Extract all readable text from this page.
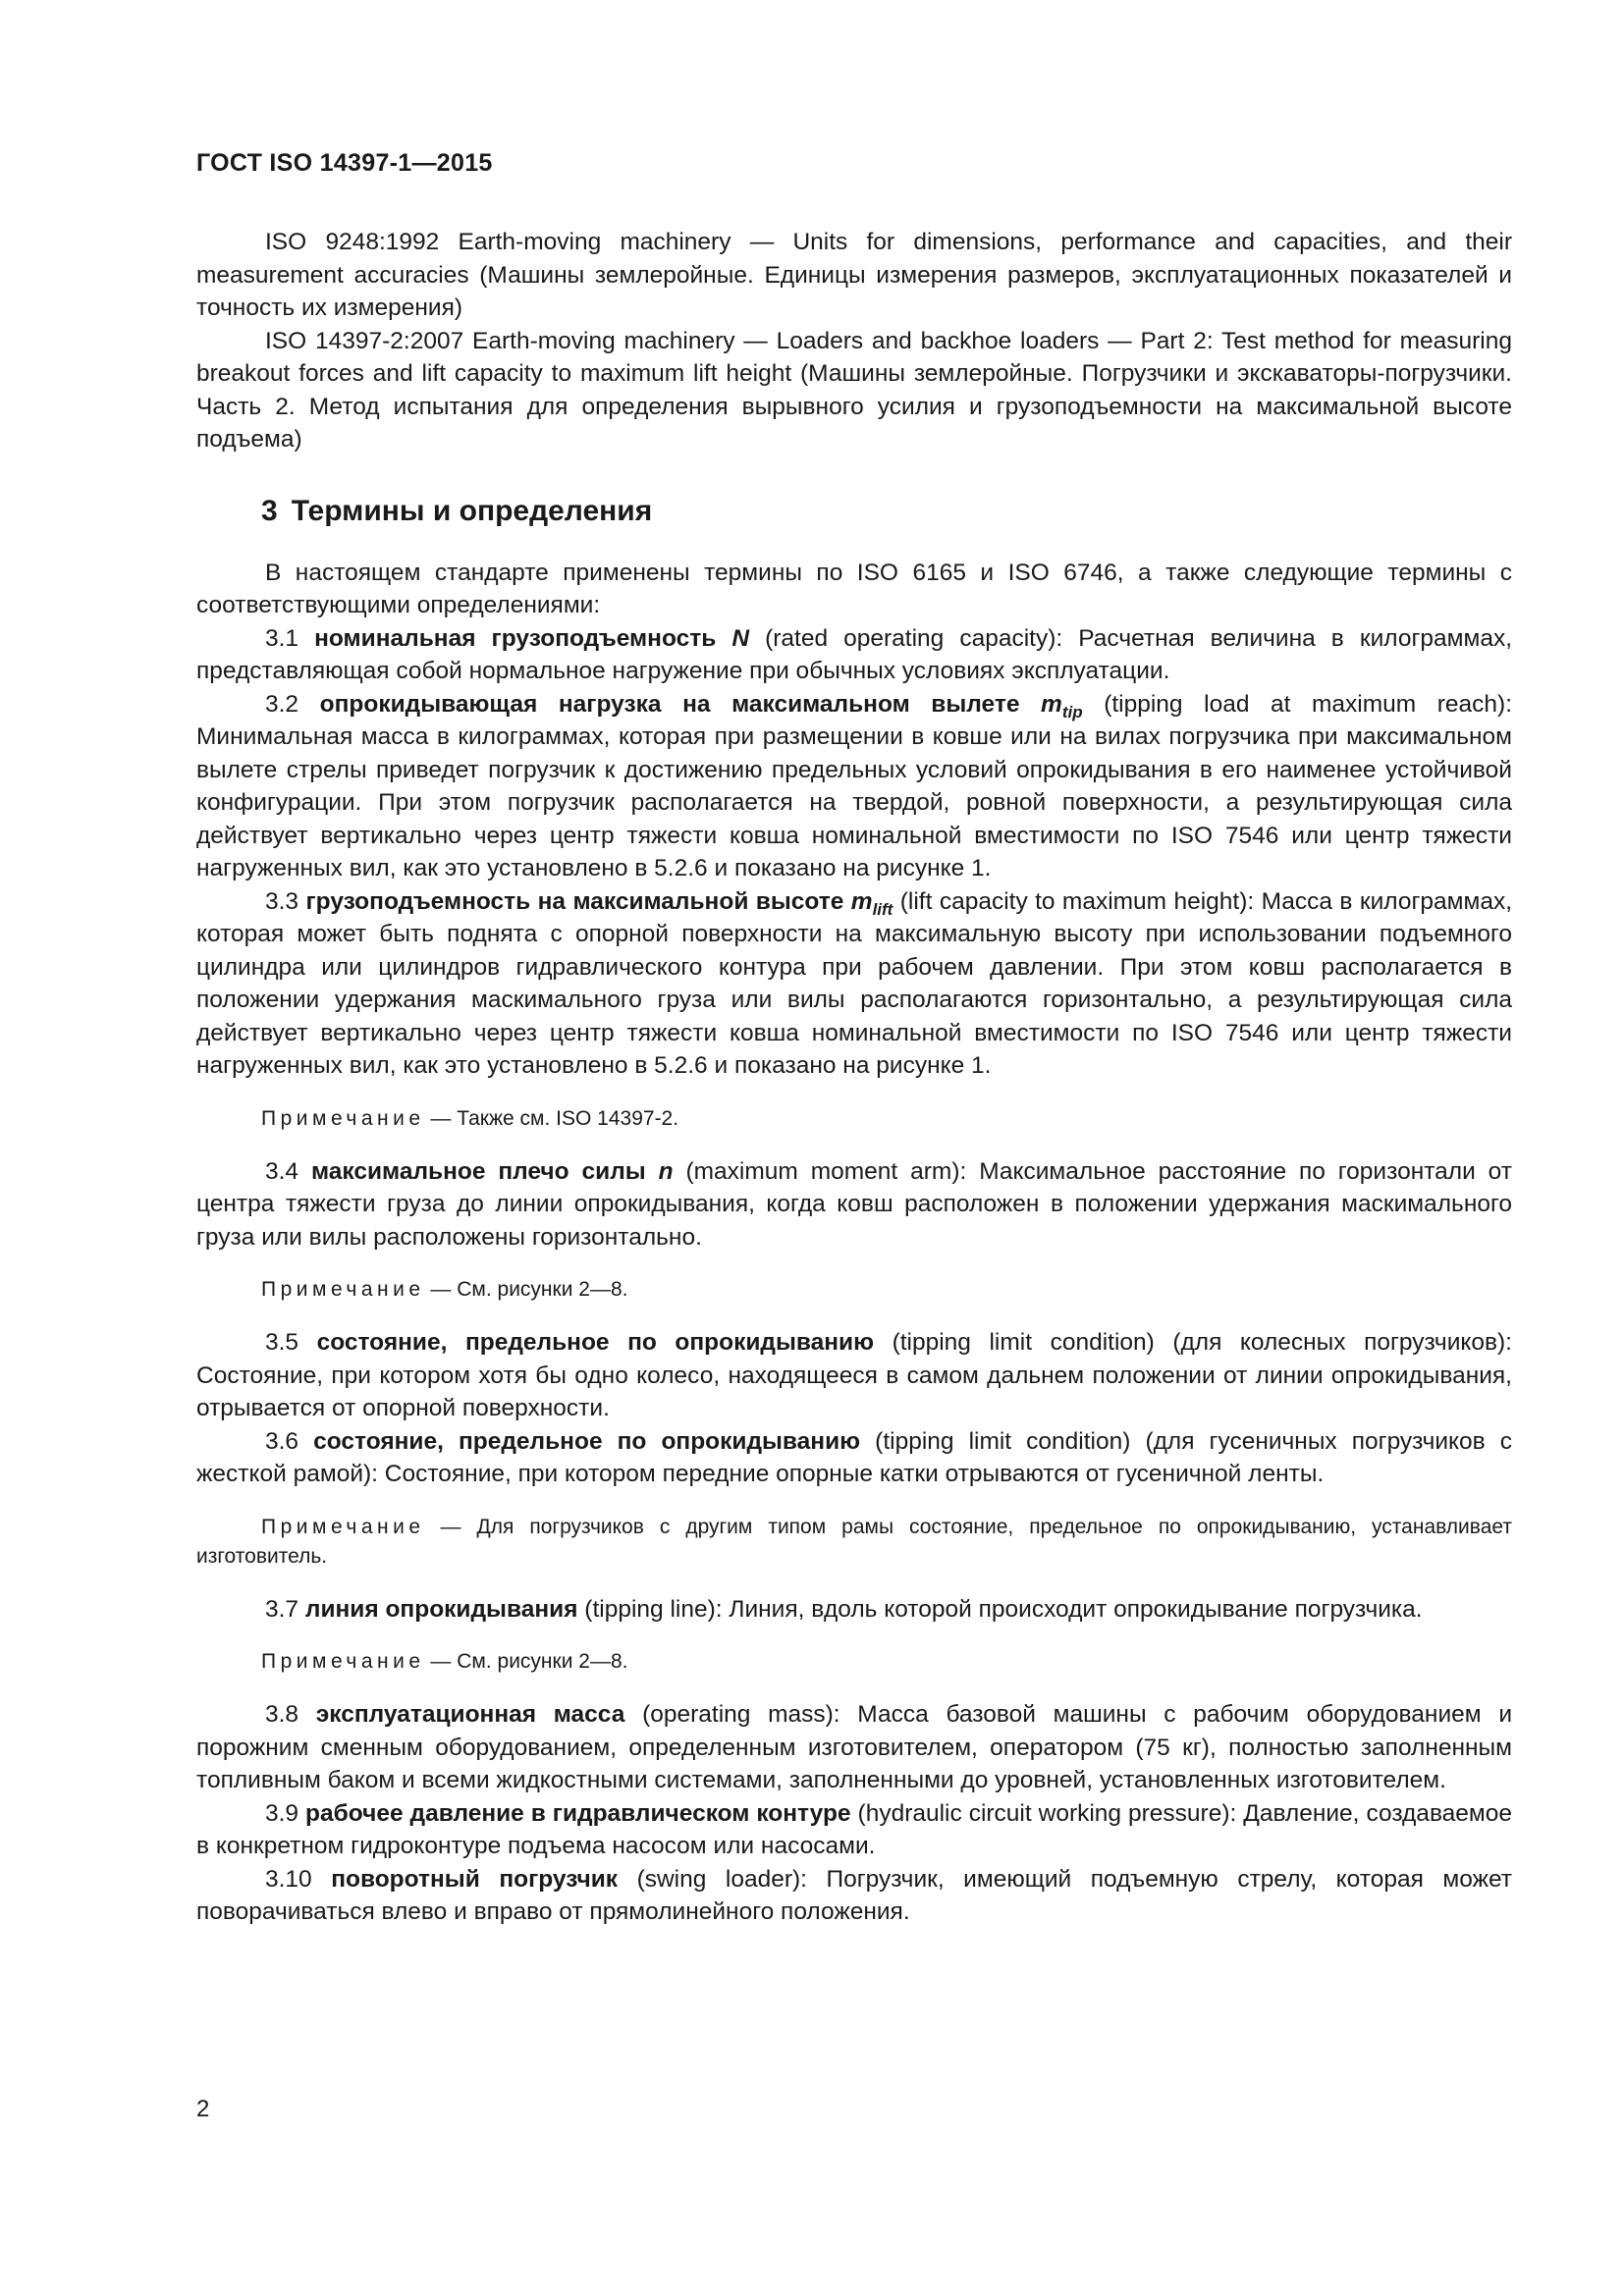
ГОСТ ISO 14397-1—2015

ISO 9248:1992 Earth-moving machinery — Units for dimensions, performance and capacities, and their measurement accuracies (Машины землеройные. Единицы измерения размеров, эксплуатационных показателей и точность их измерения)

ISO 14397-2:2007 Earth-moving machinery — Loaders and backhoe loaders — Part 2: Test method for measuring breakout forces and lift capacity to maximum lift height (Машины землеройные. Погрузчики и экскаваторы-погрузчики. Часть 2. Метод испытания для определения вырывного усилия и грузоподъемности на максимальной высоте подъема)

3 Термины и определения

В настоящем стандарте применены термины по ISO 6165 и ISO 6746, а также следующие термины с соответствующими определениями:

3.1 номинальная грузоподъемность N (rated operating capacity): Расчетная величина в килограммах, представляющая собой нормальное нагружение при обычных условиях эксплуатации.

3.2 опрокидывающая нагрузка на максимальном вылете $m_{tip}$ (tipping load at maximum reach): Минимальная масса в килограммах, которая при размещении в ковше или на вилах погрузчика при максимальном вылете стрелы приведет погрузчик к достижению предельных условий опрокидывания в его наименее устойчивой конфигурации. При этом погрузчик располагается на твердой, ровной поверхности, а результирующая сила действует вертикально через центр тяжести ковша номинальной вместимости по ISO 7546 или центр тяжести нагруженных вил, как это установлено в 5.2.6 и показано на рисунке 1.

3.3 грузоподъемность на максимальной высоте $m_{lift}$ (lift capacity to maximum height): Масса в килограммах, которая может быть поднята с опорной поверхности на максимальную высоту при использовании подъемного цилиндра или цилиндров гидравлического контура при рабочем давлении. При этом ковш располагается в положении удержания маскимального груза или вилы располагаются горизонтально, а результирующая сила действует вертикально через центр тяжести ковша номинальной вместимости по ISO 7546 или центр тяжести нагруженных вил, как это установлено в 5.2.6 и показано на рисунке 1.

Примечание — Также см. ISO 14397-2.

3.4 максимальное плечо силы n (maximum moment arm): Максимальное расстояние по горизонтали от центра тяжести груза до линии опрокидывания, когда ковш расположен в положении удержания маскимального груза или вилы расположены горизонтально.

Примечание — См. рисунки 2—8.

3.5 состояние, предельное по опрокидыванию (tipping limit condition) (для колесных погрузчиков): Состояние, при котором хотя бы одно колесо, находящееся в самом дальнем положении от линии опрокидывания, отрывается от опорной поверхности.

3.6 состояние, предельное по опрокидыванию (tipping limit condition) (для гусеничных погрузчиков с жесткой рамой): Состояние, при котором передние опорные катки отрываются от гусеничной ленты.

Примечание — Для погрузчиков с другим типом рамы состояние, предельное по опрокидыванию, устанавливает изготовитель.

3.7 линия опрокидывания (tipping line): Линия, вдоль которой происходит опрокидывание погрузчика.

Примечание — См. рисунки 2—8.

3.8 эксплуатационная масса (operating mass): Масса базовой машины с рабочим оборудованием и порожним сменным оборудованием, определенным изготовителем, оператором (75 кг), полностью заполненным топливным баком и всеми жидкостными системами, заполненными до уровней, установленных изготовителем.

3.9 рабочее давление в гидравлическом контуре (hydraulic circuit working pressure): Давление, создаваемое в конкретном гидроконтуре подъема насосом или насосами.

3.10 поворотный погрузчик (swing loader): Погрузчик, имеющий подъемную стрелу, которая может поворачиваться влево и вправо от прямолинейного положения.

2
